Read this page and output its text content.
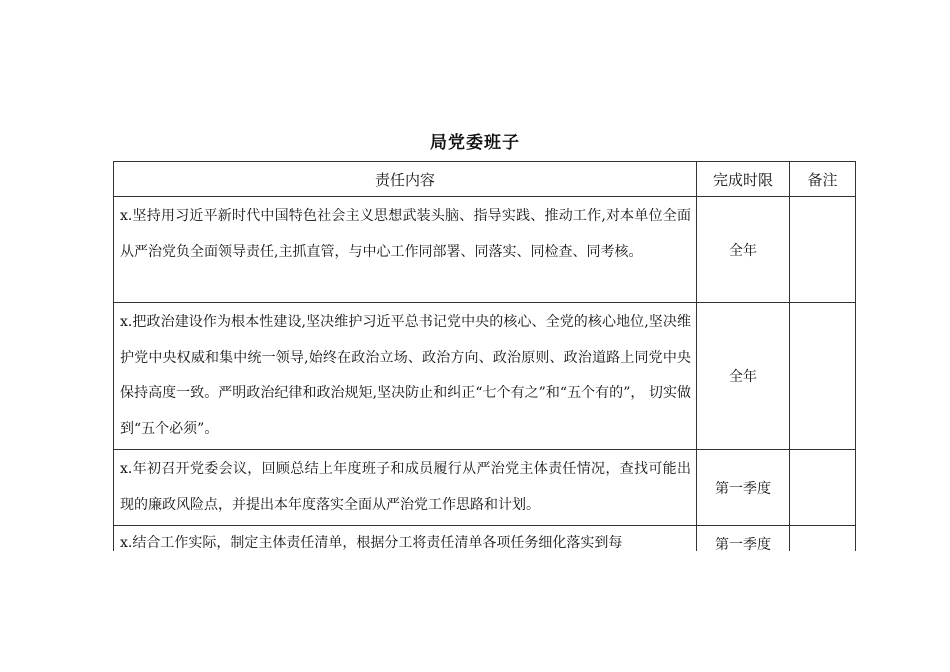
局党委班子
责任内容	完成时限	备注
x.坚持用习近平新时代中国特色社会主义思想武装头脑、指导实践、推动工作,对本单位全面从严治党负全面领导责任,主抓直管，与中心工作同部署、同落实、同检查、同考核。	全年	
x.把政治建设作为根本性建设,坚决维护习近平总书记党中央的核心、全党的核心地位,坚决维护党中央权威和集中统一领导,始终在政治立场、政治方向、政治原则、政治道路上同党中央保持高度一致。严明政治纪律和政治规矩,坚决防止和纠正“七个有之”和“五个有的”， 切实做到“五个必须”。	全年	
x.年初召开党委会议，回顾总结上年度班子和成员履行从严治党主体责任情况，查找可能出现的廉政风险点，并提出本年度落实全面从严治党工作思路和计划。	第一季度	

x.结合工作实际，制定主体责任清单，根据分工将责任清单各项任务细化落实到每	第一季度	
